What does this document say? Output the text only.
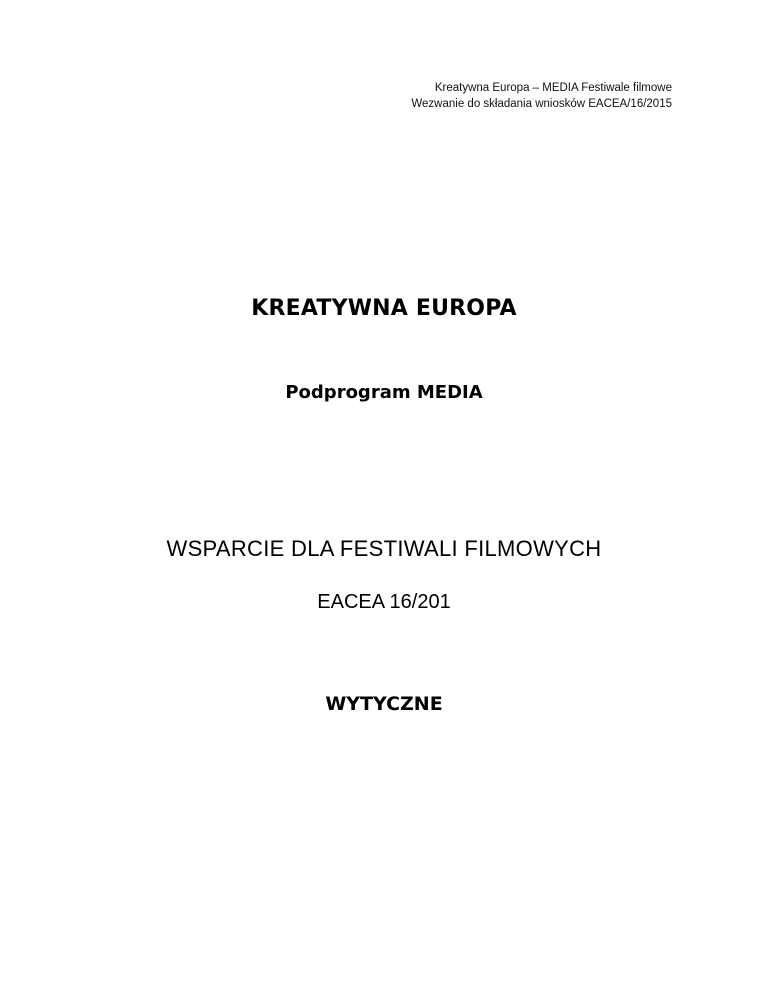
Kreatywna Europa – MEDIA Festiwale filmowe
Wezwanie do składania wniosków EACEA/16/2015
KREATYWNA EUROPA
Podprogram MEDIA
WSPARCIE DLA FESTIWALI FILMOWYCH
EACEA 16/201
WYTYCZNE
